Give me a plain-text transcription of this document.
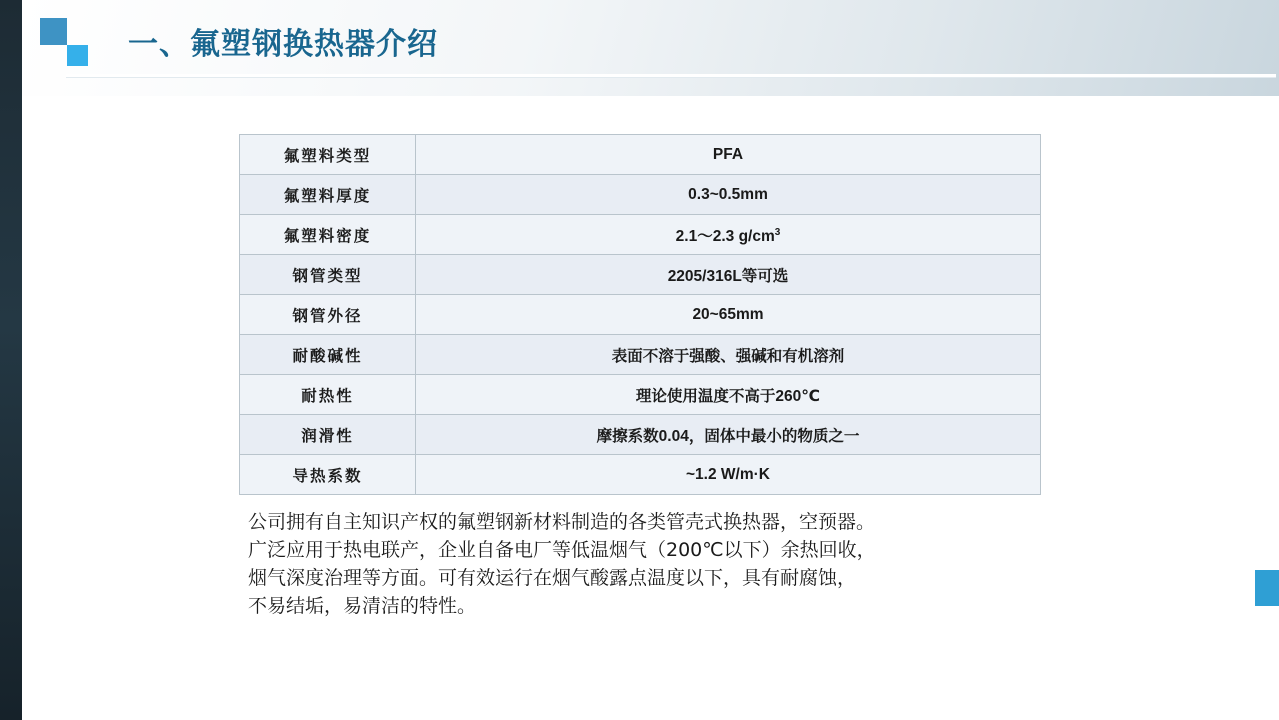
一、氟塑钢换热器介绍
氟塑料类型	PFA
氟塑料厚度	0.3~0.5mm
氟塑料密度	2.1～2.3 $g/cm^3$
钢管类型	2205/316L等可选
钢管外径	20~65mm
耐酸碱性	表面不溶于强酸、强碱和有机溶剂
耐热性	理论使用温度不高于260℃
润滑性	摩擦系数0.04，固体中最小的物质之一
导热系数	~1.2 W/m·K

公司拥有自主知识产权的氟塑钢新材料制造的各类管壳式换热器，空预器。

广泛应用于热电联产，企业自备电厂等低温烟气（200℃以下）余热回收，

烟气深度治理等方面。可有效运行在烟气酸露点温度以下，具有耐腐蚀，

不易结垢，易清洁的特性。
